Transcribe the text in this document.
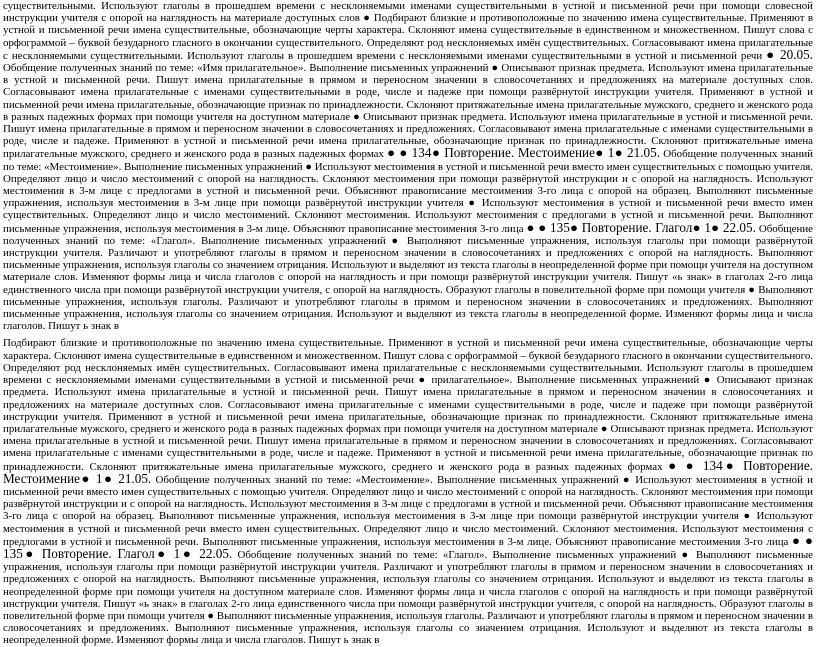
существительными. Используют глаголы в прошедшем времени с несклоняемыми именами существительными в устной и письменной речи при помощи словесной инструкции учителя с опорой на наглядность на материале доступных слов ● Подбирают близкие и противоположные по значению имена существительные. Применяют в устной и письменной речи имена существительные, обозначающие черты характера. Склоняют имена существительные в единственном и множественном. Пишут слова с орфограммой – буквой безударного гласного в окончании существительного. Определяют род несклоняемых имён существительных. Согласовывают имена прилагательные с несклоняемыми существительными. Используют глаголы в прошедшем времени с несклоняемыми именами существительными в устной и письменной речи ● 20.05. Обобщение полученных знаний по теме: «Имя прилагательное». Выполнение письменных упражнений ● Описывают признак предмета. Используют имена прилагательные в устной и письменной речи. Пишут имена прилагательные в прямом и переносном значении в словосочетаниях и предложениях на материале доступных слов. Согласовывают имена прилагательные с именами существительными в роде, числе и падеже при помощи развёрнутой инструкции учителя. Применяют в устной и письменной речи имена прилагательные, обозначающие признак по принадлежности. Склоняют притяжательные имена прилагательные мужского, среднего и женского рода в разных падежных формах при помощи учителя на доступном материале ● Описывают признак предмета. Используют имена прилагательные в устной и письменной речи. Пишут имена прилагательные в прямом и переносном значении в словосочетаниях и предложениях. Согласовывают имена прилагательные с именами существительными в роде, числе и падеже. Применяют в устной и письменной речи имена прилагательные, обозначающие признак по принадлежности. Склоняют притяжательные имена прилагательные мужского, среднего и женского рода в разных падежных формах ● ● 134● Повторение. Местоимение● 1● 21.05. Обобщение полученных знаний по теме: «Местоимение». Выполнение письменных упражнений ● Используют местоимения в устной и письменной речи вместо имен существительных с помощью учителя. Определяют лицо и число местоимений с опорой на наглядность. Склоняют местоимения при помощи развёрнутой инструкции и с опорой на наглядность. Используют местоимения в 3-м лице с предлогами в устной и письменной речи. Объясняют правописание местоимения 3-го лица с опорой на образец. Выполняют письменные упражнения, используя местоимения в 3-м лице при помощи развёрнутой инструкции учителя ● Используют местоимения в устной и письменной речи вместо имен существительных. Определяют лицо и число местоимений. Склоняют местоимения. Используют местоимения с предлогами в устной и письменной речи. Выполняют письменные упражнения, используя местоимения в 3-м лице. Объясняют правописание местоимения 3-го лица ● ● 135● Повторение. Глагол● 1● 22.05. Обобщение полученных знаний по теме: «Глагол». Выполнение письменных упражнений ● Выполняют письменные упражнения, используя глаголы при помощи развёрнутой инструкции учителя. Различают и употребляют глаголы в прямом и переносном значении в словосочетаниях и предложениях с опорой на наглядность. Выполняют письменные упражнения, используя глаголы со значением отрицания. Используют и выделяют из текста глаголы в неопределенной форме при помощи учителя на доступном материале слов. Изменяют формы лица и числа глаголов с опорой на наглядность и при помощи развёрнутой инструкции учителя. Пишут «ь знак» в глаголах 2-го лица единственного числа при помощи развёрнутой инструкции учителя, с опорой на наглядность. Образуют глаголы в повелительной форме при помощи учителя ● Выполняют письменные упражнения, используя глаголы. Различают и употребляют глаголы в прямом и переносном значении в словосочетаниях и предложениях. Выполняют письменные упражнения, используя глаголы со значением отрицания. Используют и выделяют из текста глаголы в неопределенной форме. Изменяют формы лица и числа глаголов. Пишут ь знак в

Подбирают близкие и противоположные по значению имена существительные. Применяют в устной и письменной речи имена существительные, обозначающие черты характера. Склоняют имена существительные в единственном и множественном. Пишут слова с орфограммой – буквой безударного гласного в окончании существительного. Определяют род несклоняемых имён существительных. Согласовывают имена прилагательные с несклоняемыми существительными. Используют глаголы в прошедшем времени с несклоняемыми именами существительными в устной и письменной речи ● прилагательное». Выполнение письменных упражнений ● Описывают признак предмета. Используют имена прилагательные в устной и письменной речи. Пишут имена прилагательные в прямом и переносном значении в словосочетаниях и предложениях на материале доступных слов. Согласовывают имена прилагательные с именами существительными в роде, числе и падеже при помощи развёрнутой инструкции учителя. Применяют в устной и письменной речи имена прилагательные, обозначающие признак по принадлежности. Склоняют притяжательные имена прилагательные мужского, среднего и женского рода в разных падежных формах при помощи учителя на доступном материале ● Описывают признак предмета. Используют имена прилагательные в устной и письменной речи. Пишут имена прилагательные в прямом и переносном значении в словосочетаниях и предложениях. Согласовывают имена прилагательные с именами существительными в роде, числе и падеже. Применяют в устной и письменной речи имена прилагательные, обозначающие признак по принадлежности. Склоняют притяжательные имена прилагательные мужского, среднего и женского рода в разных падежных формах ● ● 134● Повторение. Местоимение● 1● 21.05. Обобщение полученных знаний по теме: «Местоимение». Выполнение письменных упражнений ● Используют местоимения в устной и письменной речи вместо имен существительных с помощью учителя. Определяют лицо и число местоимений с опорой на наглядность. Склоняют местоимения при помощи развёрнутой инструкции и с опорой на наглядность. Используют местоимения в 3-м лице с предлогами в устной и письменной речи. Объясняют правописание местоимения 3-го лица с опорой на образец. Выполняют письменные упражнения, используя местоимения в 3-м лице при помощи развёрнутой инструкции учителя ● Используют местоимения в устной и письменной речи вместо имен существительных. Определяют лицо и число местоимений. Склоняют местоимения. Используют местоимения с предлогами в устной и письменной речи. Выполняют письменные упражнения, используя местоимения в 3-м лице. Объясняют правописание местоимения 3-го лица ● ● 135● Повторение. Глагол● 1● 22.05. Обобщение полученных знаний по теме: «Глагол». Выполнение письменных упражнений ● Выполняют письменные упражнения, используя глаголы при помощи развёрнутой инструкции учителя. Различают и употребляют глаголы в прямом и переносном значении в словосочетаниях и предложениях с опорой на наглядность. Выполняют письменные упражнения, используя глаголы со значением отрицания. Используют и выделяют из текста глаголы в неопределенной форме при помощи учителя на доступном материале слов. Изменяют формы лица и числа глаголов с опорой на наглядность и при помощи развёрнутой инструкции учителя. Пишут «ь знак» в глаголах 2-го лица единственного числа при помощи развёрнутой инструкции учителя, с опорой на наглядность. Образуют глаголы в повелительной форме при помощи учителя ● Выполняют письменные упражнения, используя глаголы. Различают и употребляют глаголы в прямом и переносном значении в словосочетаниях и предложениях. Выполняют письменные упражнения, используя глаголы со значением отрицания. Используют и выделяют из текста глаголы в неопределенной форме. Изменяют формы лица и числа глаголов. Пишут ь знак в
